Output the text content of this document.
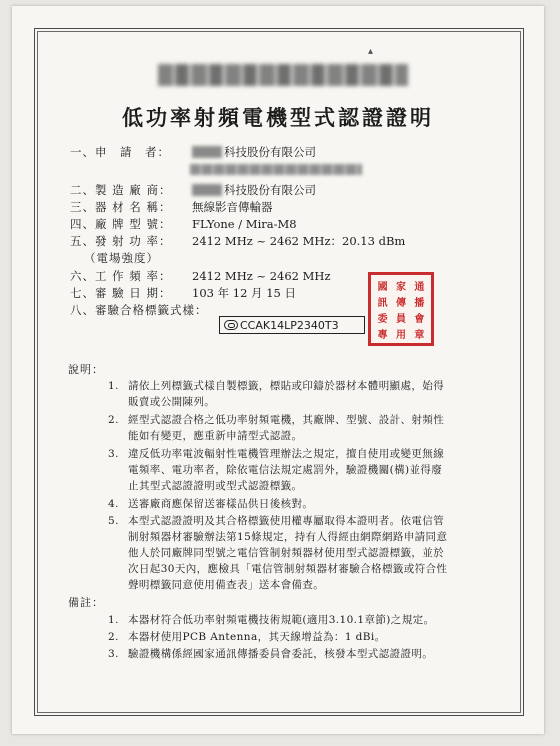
▴
低功率射頻電機型式認證證明
一、申　請　者：	科技股份有限公司
二、製 造 廠 商：	科技股份有限公司
三、器 材 名 稱：	無線影音傳輸器
四、廠 牌 型 號：	FLYone / Mira-M8
五、發 射 功 率：	2412 MHz ~ 2462 MHz：20.13 dBm
（電場強度）
六、工 作 頻 率：	2412 MHz ~ 2462 MHz
七、審 驗 日 期：	103 年 12 月 15 日
八、審驗合格標籤式樣：
CCAK14LP2340T3
國 家 通
訊 傳 播
委 員 會
專 用 章
說明：
1. 請依上列標籤式樣自製標籤，標貼或印鑄於器材本體明顯處，始得販賣或公開陳列。
2. 經型式認證合格之低功率射頻電機，其廠牌、型號、設計、射頻性能如有變更，應重新申請型式認證。
3. 違反低功率電波輻射性電機管理辦法之規定，擅自使用或變更無線電頻率、電功率者，除依電信法規定處罰外，驗證機關(構)並得廢止其型式認證證明或型式認證標籤。
4. 送審廠商應保留送審樣品供日後核對。
5. 本型式認證證明及其合格標籤使用權專屬取得本證明者。依電信管制射頻器材審驗辦法第15條規定，持有人得經由網際網路申請同意他人於同廠牌同型號之電信管制射頻器材使用型式認證標籤，並於次日起30天內，應檢具「電信管制射頻器材審驗合格標籤或符合性聲明標籤同意使用備查表」送本會備查。
備註：
1. 本器材符合低功率射頻電機技術規範(適用3.10.1章節)之規定。
2. 本器材使用PCB Antenna，其天線增益為：1 dBi。
3. 驗證機構係經國家通訊傳播委員會委託，核發本型式認證證明。
